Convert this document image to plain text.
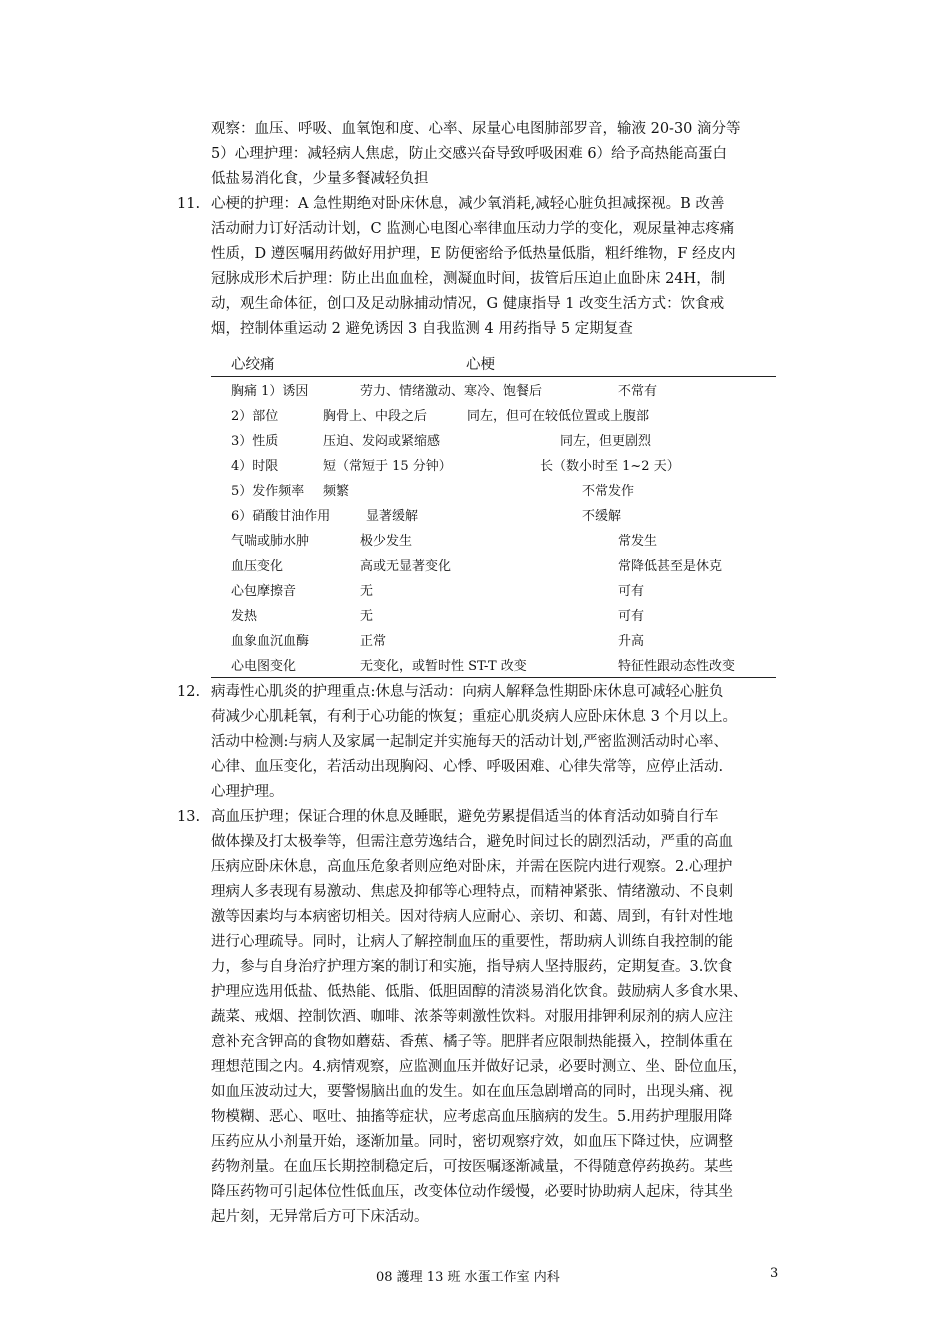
观察：血压、呼吸、血氧饱和度、心率、尿量心电图肺部罗音，输液 20-30 滴分等
5）心理护理：减轻病人焦虑，防止交感兴奋导致呼吸困难 6）给予高热能高蛋白
低盐易消化食，少量多餐减轻负担
11. 心梗的护理：A 急性期绝对卧床休息，减少氧消耗,减轻心脏负担减探视。B 改善
活动耐力订好活动计划，C 监测心电图心率律血压动力学的变化，观尿量神志疼痛
性质，D 遵医嘱用药做好用护理，E 防便密给予低热量低脂，粗纤维物，F 经皮内
冠脉成形术后护理：防止出血血栓，测凝血时间，拔管后压迫止血卧床 24H，制
动，观生命体征，创口及足动脉捕动情况，G 健康指导 1 改变生活方式：饮食戒
烟，控制体重运动 2 避免诱因 3 自我监测 4 用药指导 5 定期复查
心绞痛	心梗
胸痛 1）诱因	劳力、情绪激动、寒冷、饱餐后	不常有
2）部位	胸骨上、中段之后	同左，但可在较低位置或上腹部
3）性质	压迫、发闷或紧缩感	同左，但更剧烈
4）时限	短（常短于 15 分钟）	长（数小时至 1~2 天）
5）发作频率 频繁	不常发作
6）硝酸甘油作用	显著缓解	不缓解
气喘或肺水肿	极少发生	常发生
血压变化	高或无显著变化	常降低甚至是休克
心包摩擦音	无	可有
发热	无	可有
血象血沉血酶	正常	升高
心电图变化	无变化，或暂时性 ST-T 改变	特征性跟动态性改变
12. 病毒性心肌炎的护理重点:休息与活动：向病人解释急性期卧床休息可减轻心脏负
荷减少心肌耗氧，有利于心功能的恢复；重症心肌炎病人应卧床休息 3 个月以上。
活动中检测:与病人及家属一起制定并实施每天的活动计划,严密监测活动时心率、
心律、血压变化，若活动出现胸闷、心悸、呼吸困难、心律失常等，应停止活动.
心理护理。
13. 高血压护理；保证合理的休息及睡眠，避免劳累提倡适当的体育活动如骑自行车
做体操及打太极拳等，但需注意劳逸结合，避免时间过长的剧烈活动，严重的高血
压病应卧床休息，高血压危象者则应绝对卧床，并需在医院内进行观察。2.心理护
理病人多表现有易激动、焦虑及抑郁等心理特点，而精神紧张、情绪激动、不良刺
激等因素均与本病密切相关。因对待病人应耐心、亲切、和蔼、周到，有针对性地
进行心理疏导。同时，让病人了解控制血压的重要性，帮助病人训练自我控制的能
力，参与自身治疗护理方案的制订和实施，指导病人坚持服药，定期复查。3.饮食
护理应选用低盐、低热能、低脂、低胆固醇的清淡易消化饮食。鼓励病人多食水果、
蔬菜、戒烟、控制饮酒、咖啡、浓茶等刺激性饮料。对服用排钾利尿剂的病人应注
意补充含钾高的食物如蘑菇、香蕉、橘子等。肥胖者应限制热能摄入，控制体重在
理想范围之内。4.病情观察，应监测血压并做好记录，必要时测立、坐、卧位血压，
如血压波动过大，要警惕脑出血的发生。如在血压急剧增高的同时，出现头痛、视
物模糊、恶心、呕吐、抽搐等症状，应考虑高血压脑病的发生。5.用药护理服用降
压药应从小剂量开始，逐渐加量。同时，密切观察疗效，如血压下降过快，应调整
药物剂量。在血压长期控制稳定后，可按医嘱逐渐减量，不得随意停药换药。某些
降压药物可引起体位性低血压，改变体位动作缓慢，必要时协助病人起床，待其坐
起片刻，无异常后方可下床活动。
08 護理 13 班 水蛋工作室 内科	3
